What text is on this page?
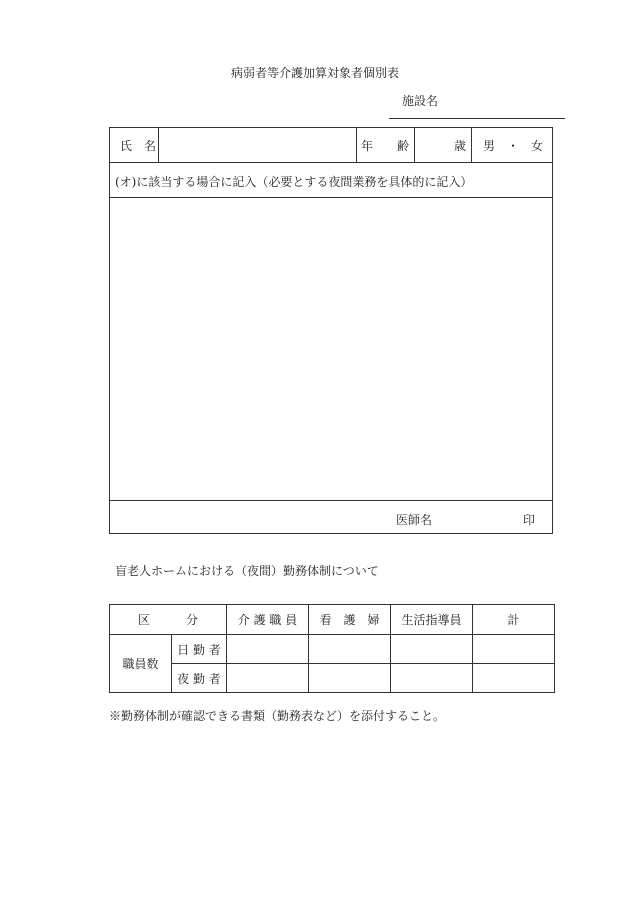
病弱者等介護加算対象者個別表
施設名
氏　名	年　　齢	歳 男　・　女
(オ)に該当する場合に記入（必要とする夜間業務を具体的に記入）
医師名	印
盲老人ホームにおける（夜間）勤務体制について
区　　　分		介 護 職 員	看　護　婦	生活指導員	計
職員数	日 勤 者				
	夜 勤 者				
※勤務体制が確認できる書類（勤務表など）を添付すること。
